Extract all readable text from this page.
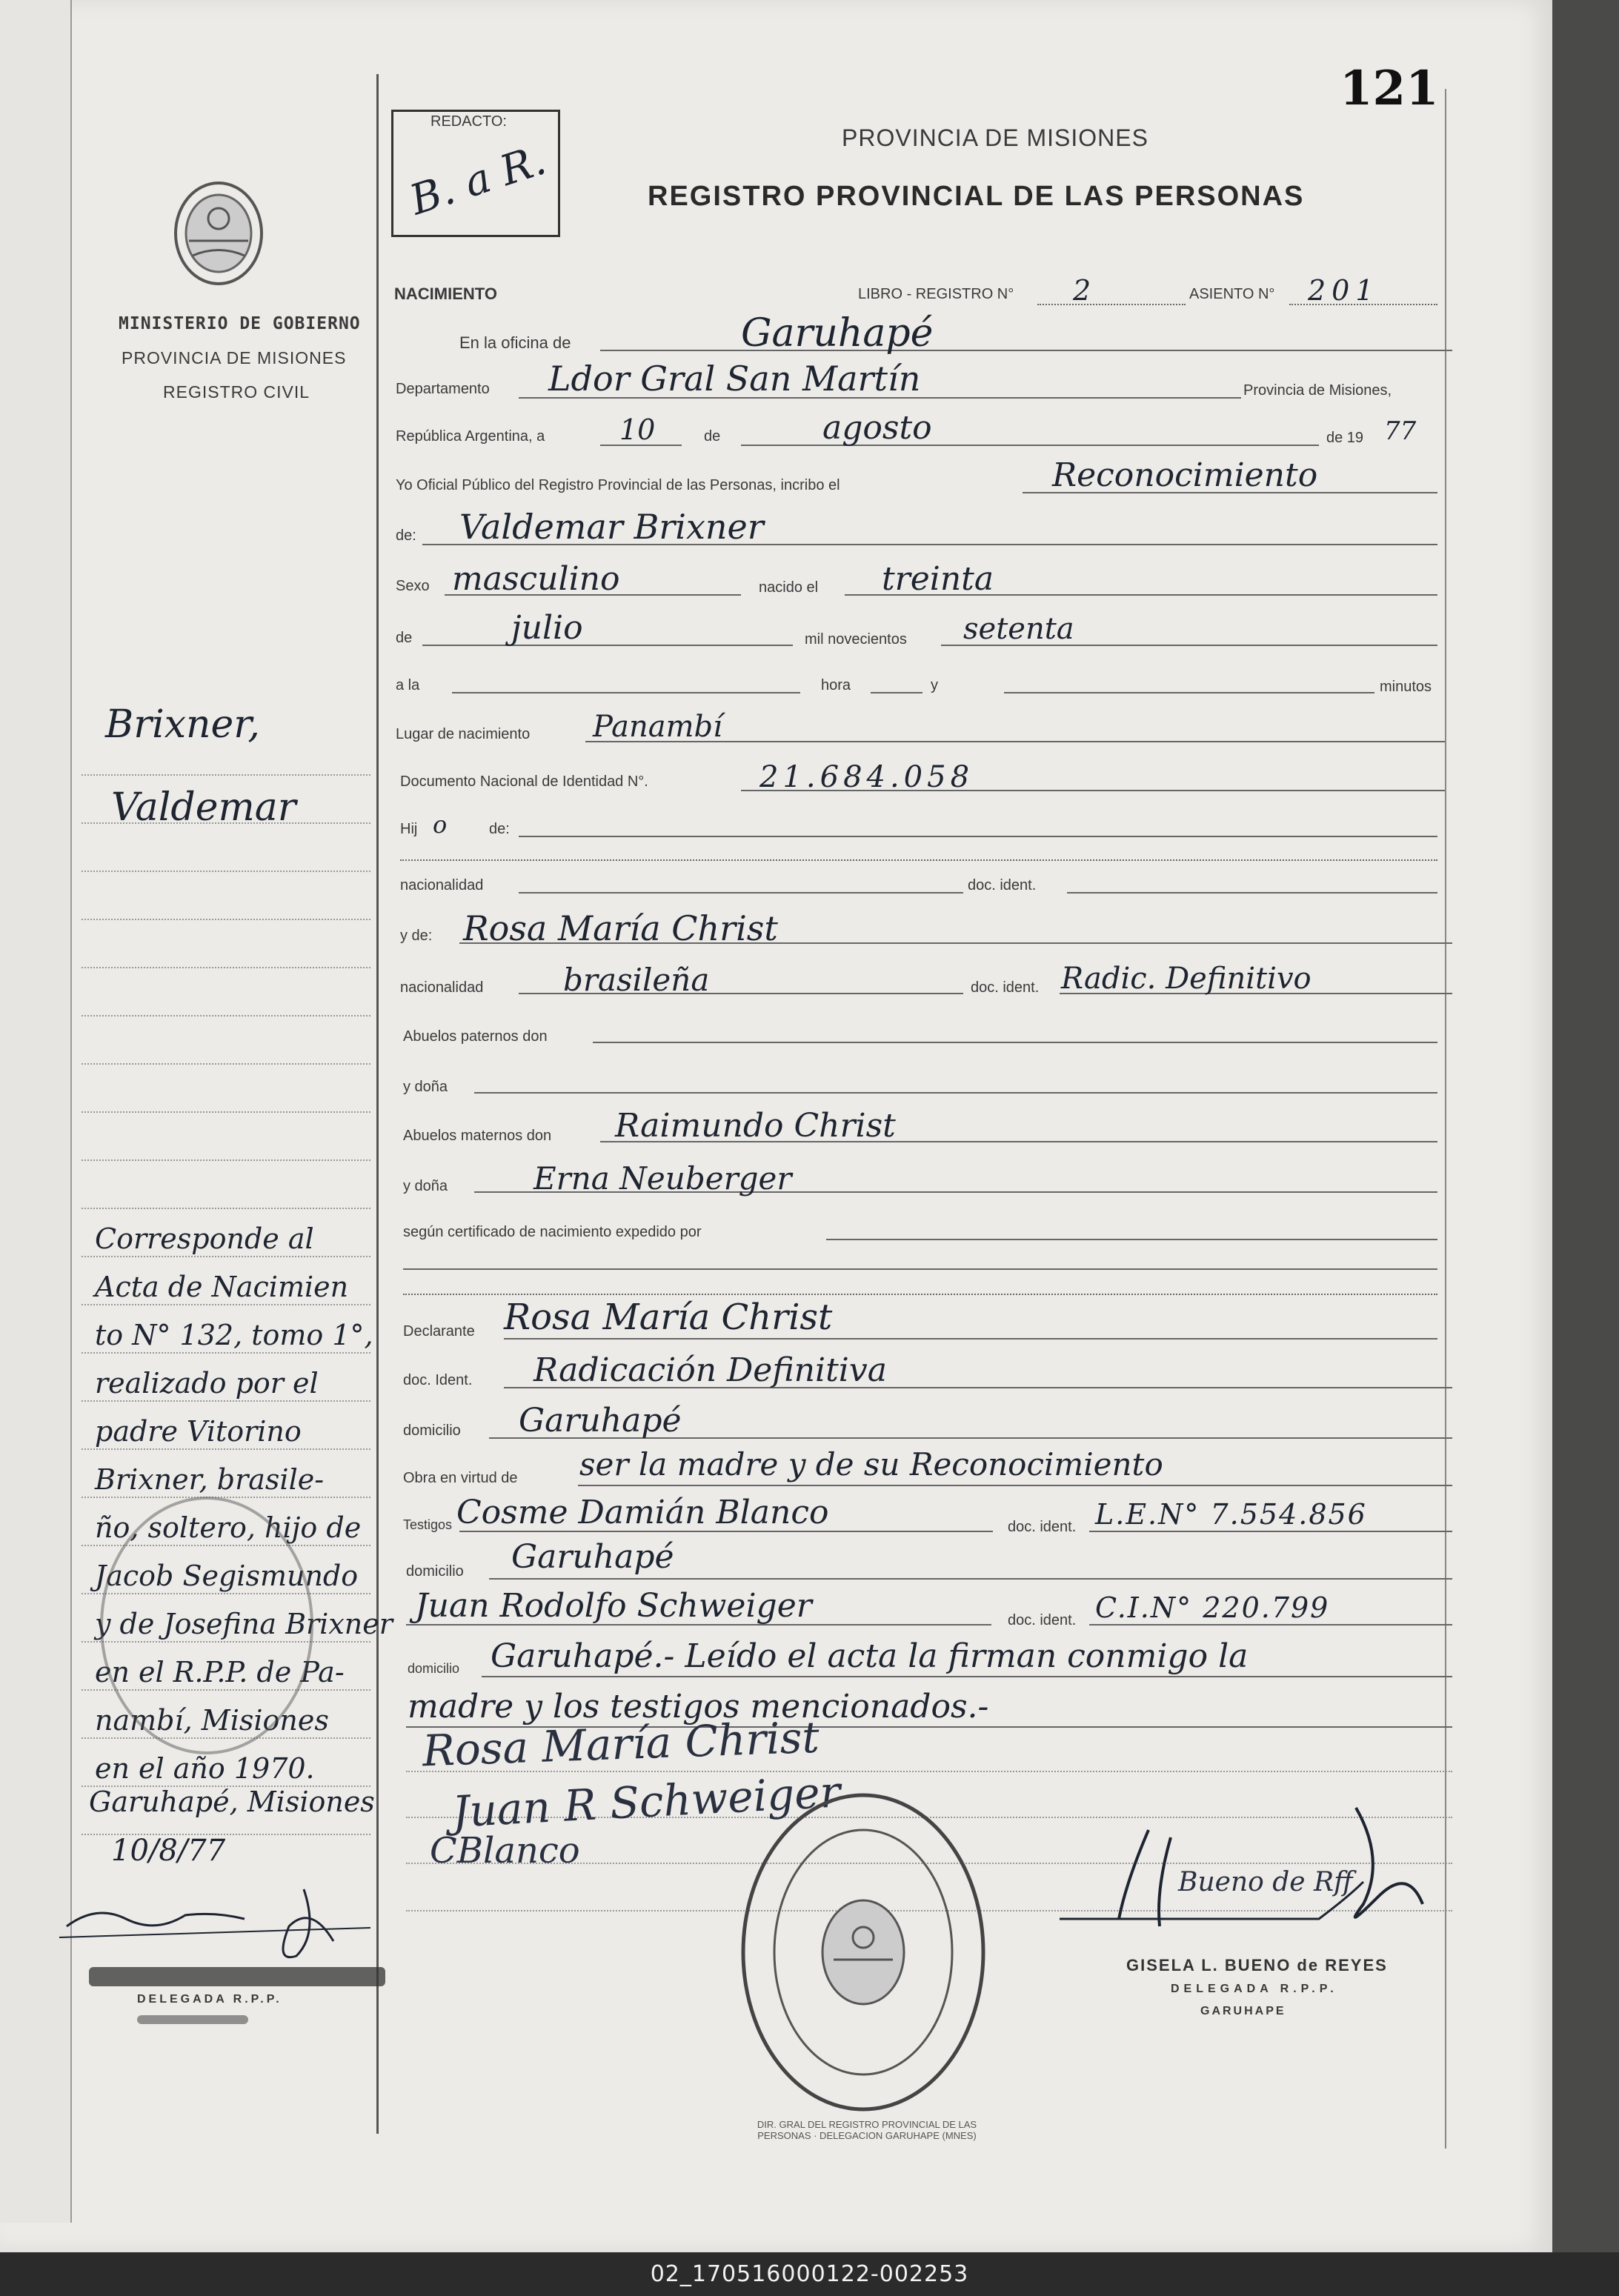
121
REDACTO:
B. a R.	PROVINCIA DE MISIONES
REGISTRO PROVINCIAL DE LAS PERSONAS
MINISTERIO DE GOBIERNO
PROVINCIA DE MISIONES
REGISTRO CIVIL
Brixner,
Valdemar
Corresponde al
Acta de Nacimien
to N° 132, tomo 1°,
realizado por el
padre Vitorino
Brixner, brasile-
ño, soltero, hijo de
Jacob Segismundo
y de Josefina Brixner
en el R.P.P. de Pa-
nambí, Misiones
en el año 1970.
Garuhapé, Misiones
10/8/77
DELEGADA R.P.P.
NACIMIENTO	LIBRO - REGISTRO N° 2	ASIENTO N° 201
En la oficina de	Garuhapé
Departamento Ldor Gral San Martín	Provincia de Misiones,
República Argentina, a	10	de	agosto	de 19 77
Yo Oficial Público del Registro Provincial de las Personas, incribo el	Reconocimiento
de: Valdemar Brixner
Sexo masculino	nacido el treinta
de	julio	mil novecientos setenta
a la	hora	y	minutos
Lugar de nacimiento Panambí
Documento Nacional de Identidad N°.	21.684.058
Hij o	de:
nacionalidad	doc. ident.
y de: Rosa María Christ
nacionalidad	brasileña	doc. ident. Radic. Definitivo
Abuelos paternos don
y doña
Abuelos maternos don Raimundo Christ
y doña	Erna Neuberger
según certificado de nacimiento expedido por
Declarante Rosa María Christ
doc. Ident. Radicación Definitiva
domicilio Garuhapé
Obra en virtud de ser la madre y de su Reconocimiento
Testigos Cosme Damián Blanco	doc. ident. L.E.N° 7.554.856
domicilio Garuhapé
Juan Rodolfo Schweiger	doc. ident. C.I.N° 220.799
domicilio Garuhapé.- Leído el acta la firman conmigo la
madre y los testigos mencionados.-
Rosa María Christ
Juan R Schweiger
CBlanco
Bueno de Rff
GISELA L. BUENO de REYES
DELEGADA R.P.P.
GARUHAPE
DIR. GRAL DEL REGISTRO PROVINCIAL DE LAS PERSONAS · DELEGACION GARUHAPE (MNES)
02_170516000122-002253
